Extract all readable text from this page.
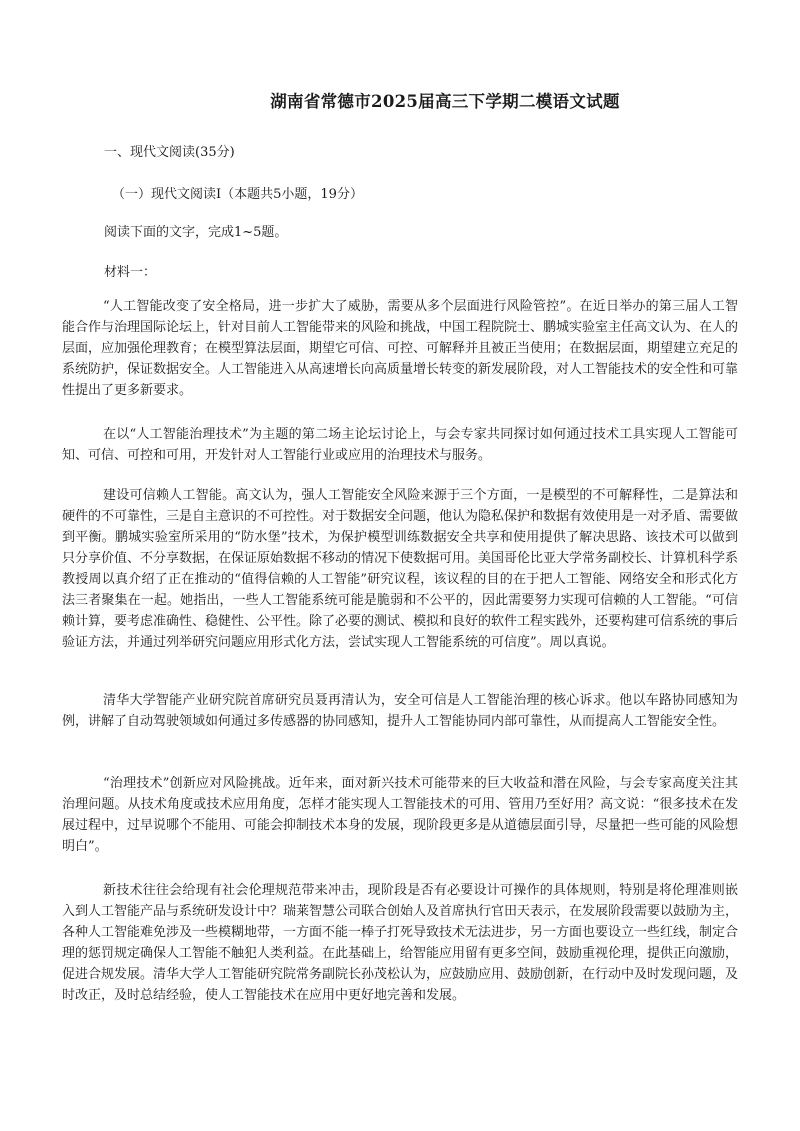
湖南省常德市2025届高三下学期二模语文试题
一、现代文阅读(35分)
（一）现代文阅读Ⅰ（本题共5小题，19分）
阅读下面的文字，完成1~5题。
材料一：

“人工智能改变了安全格局，进一步扩大了威胁，需要从多个层面进行风险管控”。在近日举办的第三届人工智能合作与治理国际论坛上，针对目前人工智能带来的风险和挑战，中国工程院院士、鹏城实验室主任高文认为、在人的层面，应加强伦理教育；在模型算法层面，期望它可信、可控、可解释并且被正当使用；在数据层面，期望建立充足的系统防护，保证数据安全。人工智能进入从高速增长向高质量增长转变的新发展阶段，对人工智能技术的安全性和可靠性提出了更多新要求。

在以“人工智能治理技术”为主题的第二场主论坛讨论上，与会专家共同探讨如何通过技术工具实现人工智能可知、可信、可控和可用，开发针对人工智能行业或应用的治理技术与服务。

建设可信赖人工智能。高文认为，强人工智能安全风险来源于三个方面，一是模型的不可解释性，二是算法和硬件的不可靠性，三是自主意识的不可控性。对于数据安全问题，他认为隐私保护和数据有效使用是一对矛盾、需要做到平衡。鹏城实验室所采用的“防水堡”技术，为保护模型训练数据安全共享和使用提供了解决思路、该技术可以做到只分享价值、不分享数据，在保证原始数据不移动的情况下使数据可用。美国哥伦比亚大学常务副校长、计算机科学系教授周以真介绍了正在推动的“值得信赖的人工智能”研究议程，该议程的目的在于把人工智能、网络安全和形式化方法三者聚集在一起。她指出，一些人工智能系统可能是脆弱和不公平的，因此需要努力实现可信赖的人工智能。“可信赖计算，要考虑准确性、稳健性、公平性。除了必要的测试、模拟和良好的软件工程实践外，还要构建可信系统的事后验证方法，并通过列举研究问题应用形式化方法，尝试实现人工智能系统的可信度”。周以真说。

清华大学智能产业研究院首席研究员聂再清认为，安全可信是人工智能治理的核心诉求。他以车路协同感知为例，讲解了自动驾驶领域如何通过多传感器的协同感知，提升人工智能协同内部可靠性，从而提高人工智能安全性。

“治理技术”创新应对风险挑战。近年来，面对新兴技术可能带来的巨大收益和潜在风险，与会专家高度关注其治理问题。从技术角度或技术应用角度，怎样才能实现人工智能技术的可用、管用乃至好用？高文说：“很多技术在发展过程中，过早说哪个不能用、可能会抑制技术本身的发展，现阶段更多是从道德层面引导，尽量把一些可能的风险想明白”。

新技术往往会给现有社会伦理规范带来冲击，现阶段是否有必要设计可操作的具体规则，特别是将伦理准则嵌入到人工智能产品与系统研发设计中？瑞莱智慧公司联合创始人及首席执行官田天表示，在发展阶段需要以鼓励为主，各种人工智能难免涉及一些模糊地带，一方面不能一棒子打死导致技术无法进步，另一方面也要设立一些红线，制定合理的惩罚规定确保人工智能不触犯人类利益。在此基础上，给智能应用留有更多空间，鼓励重视伦理，提供正向激励，促进合规发展。清华大学人工智能研究院常务副院长孙茂松认为，应鼓励应用、鼓励创新，在行动中及时发现问题，及时改正，及时总结经验，使人工智能技术在应用中更好地完善和发展。
